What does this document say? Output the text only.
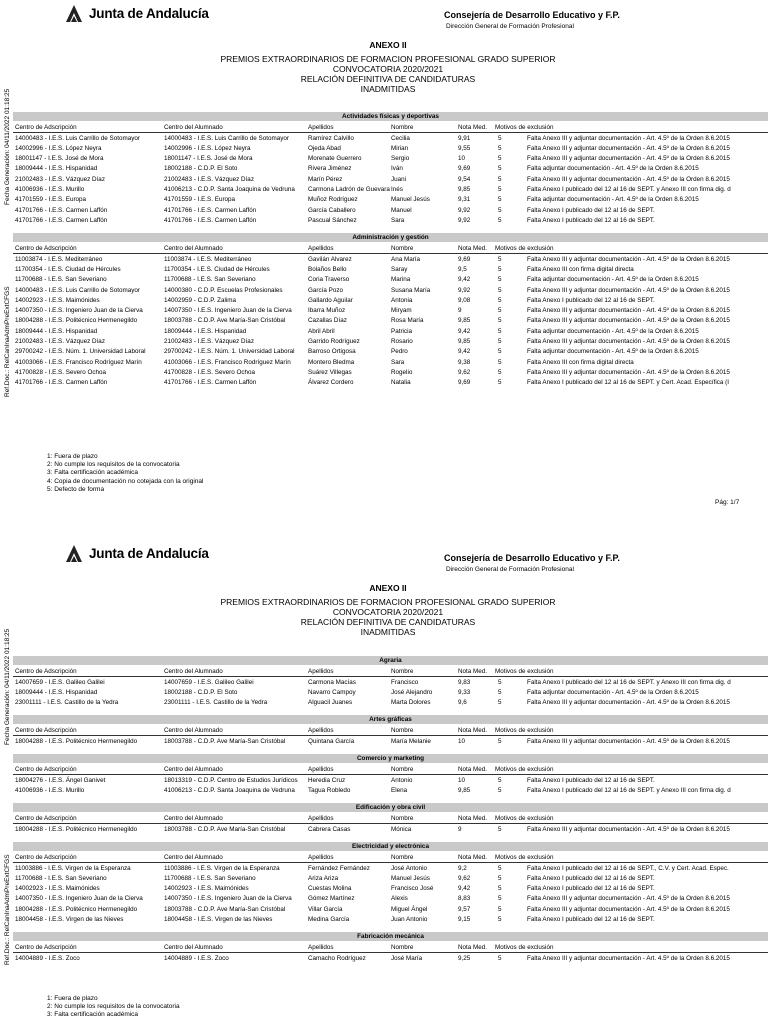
Junta de Andalucía	Consejería de Desarrollo Educativo y F.P.
Dirección General de Formación Profesional
Fecha Generación: 04/11/2022 01:18:25
Ref.Doc.: RelCanInaAdmPreExtCFGS
ANEXO II
PREMIOS EXTRAORDINARIOS DE FORMACION PROFESIONAL GRADO SUPERIOR
CONVOCATORIA 2020/2021
RELACIÓN DEFINITIVA DE CANDIDATURAS
INADMITIDAS
Actividades físicas y deportivas
Centro de Adscripción	Centro del Alumnado	Apellidos	Nombre	Nota Med.	Motivos de exclusión
14000483 - I.E.S. Luis Carrillo de Sotomayor	14000483 - I.E.S. Luis Carrillo de Sotomayor	Ramírez Calvillo	Cecilia	9,91	5	Falta Anexo III y adjuntar documentación - Art. 4.5º de la Orden 8.6.2015
14002996 - I.E.S. López Neyra	14002996 - I.E.S. López Neyra	Ojeda Abad	Mirian	9,55	5	Falta Anexo III y adjuntar documentación - Art. 4.5º de la Orden 8.6.2015
18001147 - I.E.S. José de Mora	18001147 - I.E.S. José de Mora	Morenate Guerrero	Sergio	10	5	Falta Anexo III y adjuntar documentación - Art. 4.5º de la Orden 8.6.2015
18009444 - I.E.S. Hispanidad	18002188 - C.D.P. El Soto	Rivera Jiménez	Iván	9,69	5	Falta adjuntar documentación - Art. 4.5º de la Orden 8.6.2015
21002483 - I.E.S. Vázquez Díaz	21002483 - I.E.S. Vázquez Díaz	Marín Pérez	Juani	9,54	5	Falta Anexo III y adjuntar documentación - Art. 4.5º de la Orden 8.6.2015
41006936 - I.E.S. Murillo	41006213 - C.D.P. Santa Joaquina de Vedruna	Carmona Ladrón de Guevara Inés	9,85	5	Falta Anexo I publicado del 12 al 16 de SEPT. y Anexo III con firma dig. d
41701559 - I.E.S. Europa	41701559 - I.E.S. Europa	Muñoz Rodríguez	Manuel Jesús	9,31	5	Falta adjuntar documentación - Art. 4.5º de la Orden 8.6.2015
41701766 - I.E.S. Carmen Laffón	41701766 - I.E.S. Carmen Laffón	García Caballero	Manuel	9,92	5	Falta Anexo I publicado del 12 al 16 de SEPT.
41701766 - I.E.S. Carmen Laffón	41701766 - I.E.S. Carmen Laffón	Pascual Sánchez	Sara	9,92	5	Falta Anexo I publicado del 12 al 16 de SEPT.
Administración y gestión
Centro de Adscripción	Centro del Alumnado	Apellidos	Nombre	Nota Med.	Motivos de exclusión
11003874 - I.E.S. Mediterráneo	11003874 - I.E.S. Mediterráneo	Gavilán Alvarez	Ana María	9,69	5	Falta Anexo III y adjuntar documentación - Art. 4.5º de la Orden 8.6.2015
11700354 - I.E.S. Ciudad de Hércules	11700354 - I.E.S. Ciudad de Hércules	Bolaños Bello	Saray	9,5	5	Falta Anexo III con firma digital directa
11700688 - I.E.S. San Severiano	11700688 - I.E.S. San Severiano	Coria Traverso	Marina	9,42	5	Falta adjuntar documentación - Art. 4.5º de la Orden 8.6.2015
14000483 - I.E.S. Luis Carrillo de Sotomayor	14000380 - C.D.P. Escuelas Profesionales	García Pozo	Susana María	9,92	5	Falta Anexo III y adjuntar documentación - Art. 4.5º de la Orden 8.6.2015
14002923 - I.E.S. Maimónides	14002959 - C.D.P. Zalima	Gallardo Aguilar	Antonia	9,08	5	Falta Anexo I publicado del 12 al 16 de SEPT.
14007350 - I.E.S. Ingeniero Juan de la Cierva	14007350 - I.E.S. Ingeniero Juan de la Cierva	Ibarra Muñoz	Miryam	9	5	Falta Anexo III y adjuntar documentación - Art. 4.5º de la Orden 8.6.2015
18004288 - I.E.S. Politécnico Hermenegildo	18003788 - C.D.P. Ave María-San Cristóbal	Cazallas Díaz	Rosa María	9,85	5	Falta Anexo III y adjuntar documentación - Art. 4.5º de la Orden 8.6.2015
18009444 - I.E.S. Hispanidad	18009444 - I.E.S. Hispanidad	Abril Abril	Patricia	9,42	5	Falta adjuntar documentación - Art. 4.5º de la Orden 8.6.2015
21002483 - I.E.S. Vázquez Díaz	21002483 - I.E.S. Vázquez Díaz	Garrido Rodríguez	Rosario	9,85	5	Falta Anexo III y adjuntar documentación - Art. 4.5º de la Orden 8.6.2015
29700242 - I.E.S. Núm. 1. Universidad Laboral	29700242 - I.E.S. Núm. 1. Universidad Laboral	Barroso Ortigosa	Pedro	9,42	5	Falta adjuntar documentación - Art. 4.5º de la Orden 8.6.2015
41003066 - I.E.S. Francisco Rodríguez Marín	41003066 - I.E.S. Francisco Rodríguez Marín	Montero Bledma	Sara	9,38	5	Falta Anexo III con firma digital directa
41700828 - I.E.S. Severo Ochoa	41700828 - I.E.S. Severo Ochoa	Suárez Villegas	Rogelio	9,62	5	Falta Anexo III y adjuntar documentación - Art. 4.5º de la Orden 8.6.2015
41701766 - I.E.S. Carmen Laffón	41701766 - I.E.S. Carmen Laffón	Álvarez Cordero	Natalia	9,69	5	Falta Anexo I publicado del 12 al 16 de SEPT. y Cert. Acad. Específica (I
1: Fuera de plazo
2: No cumple los requisitos de la convocatoria
3: Falta certificación académica
4: Copia de documentación no cotejada con la original
5: Defecto de forma
Pág: 1/7
Junta de Andalucía	Consejería de Desarrollo Educativo y F.P.
Dirección General de Formación Profesional
Fecha Generación: 04/11/2022 01:18:25
Ref.Doc.: RelCanInaAdmPreExtCFGS
ANEXO II
PREMIOS EXTRAORDINARIOS DE FORMACION PROFESIONAL GRADO SUPERIOR
CONVOCATORIA 2020/2021
RELACIÓN DEFINITIVA DE CANDIDATURAS
INADMITIDAS
Agraria
Centro de Adscripción	Centro del Alumnado	Apellidos	Nombre	Nota Med.	Motivos de exclusión
14007659 - I.E.S. Galileo Galilei	14007659 - I.E.S. Galileo Galilei	Carmona Macías	Francisco	9,83	5	Falta Anexo I publicado del 12 al 16 de SEPT. y Anexo III con firma dig. d
18009444 - I.E.S. Hispanidad	18002188 - C.D.P. El Soto	Navarro Campoy	José Alejandro	9,33	5	Falta adjuntar documentación - Art. 4.5º de la Orden 8.6.2015
23001111 - I.E.S. Castillo de la Yedra	23001111 - I.E.S. Castillo de la Yedra	Alguacil Juanes	Marta Dolores	9,6	5	Falta Anexo III y adjuntar documentación - Art. 4.5º de la Orden 8.6.2015
Artes gráficas
Centro de Adscripción	Centro del Alumnado	Apellidos	Nombre	Nota Med.	Motivos de exclusión
18004288 - I.E.S. Politécnico Hermenegildo	18003788 - C.D.P. Ave María-San Cristóbal	Quintana García	María Melanie	10	5	Falta Anexo III y adjuntar documentación - Art. 4.5º de la Orden 8.6.2015
Comercio y marketing
Centro de Adscripción	Centro del Alumnado	Apellidos	Nombre	Nota Med.	Motivos de exclusión
18004276 - I.E.S. Ángel Ganivet	18013319 - C.D.P. Centro de Estudios Jurídicos	Heredia Cruz	Antonio	10	5	Falta Anexo I publicado del 12 al 16 de SEPT.
41006936 - I.E.S. Murillo	41006213 - C.D.P. Santa Joaquina de Vedruna	Tagua Robledo	Elena	9,85	5	Falta Anexo I publicado del 12 al 16 de SEPT. y Anexo III con firma dig. d
Edificación y obra civil
Centro de Adscripción	Centro del Alumnado	Apellidos	Nombre	Nota Med.	Motivos de exclusión
18004288 - I.E.S. Politécnico Hermenegildo	18003788 - C.D.P. Ave María-San Cristóbal	Cabrera Casas	Mónica	9	5	Falta Anexo III y adjuntar documentación - Art. 4.5º de la Orden 8.6.2015
Electricidad y electrónica
Centro de Adscripción	Centro del Alumnado	Apellidos	Nombre	Nota Med.	Motivos de exclusión
11003886 - I.E.S. Virgen de la Esperanza	11003886 - I.E.S. Virgen de la Esperanza	Fernández Fernández	José Antonio	9,2	5	Falta Anexo I publicado del 12 al 16 de SEPT., C.V. y Cert. Acad. Espec.
11700688 - I.E.S. San Severiano	11700688 - I.E.S. San Severiano	Ariza Ariza	Manuel Jesús	9,62	5	Falta Anexo I publicado del 12 al 16 de SEPT.
14002923 - I.E.S. Maimónides	14002923 - I.E.S. Maimónides	Cuestas Molina	Francisco José	9,42	5	Falta Anexo I publicado del 12 al 16 de SEPT.
14007350 - I.E.S. Ingeniero Juan de la Cierva	14007350 - I.E.S. Ingeniero Juan de la Cierva	Gómez Martínez	Alexis	8,83	5	Falta Anexo III y adjuntar documentación - Art. 4.5º de la Orden 8.6.2015
18004288 - I.E.S. Politécnico Hermenegildo	18003788 - C.D.P. Ave María-San Cristóbal	Villar García	Miguel Ángel	9,57	5	Falta Anexo III y adjuntar documentación - Art. 4.5º de la Orden 8.6.2015
18004458 - I.E.S. Virgen de las Nieves	18004458 - I.E.S. Virgen de las Nieves	Medina García	Juan Antonio	9,15	5	Falta Anexo I publicado del 12 al 16 de SEPT.
Fabricación mecánica
Centro de Adscripción	Centro del Alumnado	Apellidos	Nombre	Nota Med.	Motivos de exclusión
14004889 - I.E.S. Zoco	14004889 - I.E.S. Zoco	Camacho Rodríguez	José María	9,25	5	Falta Anexo III y adjuntar documentación - Art. 4.5º de la Orden 8.6.2015
1: Fuera de plazo
2: No cumple los requisitos de la convocatoria
3: Falta certificación académica
